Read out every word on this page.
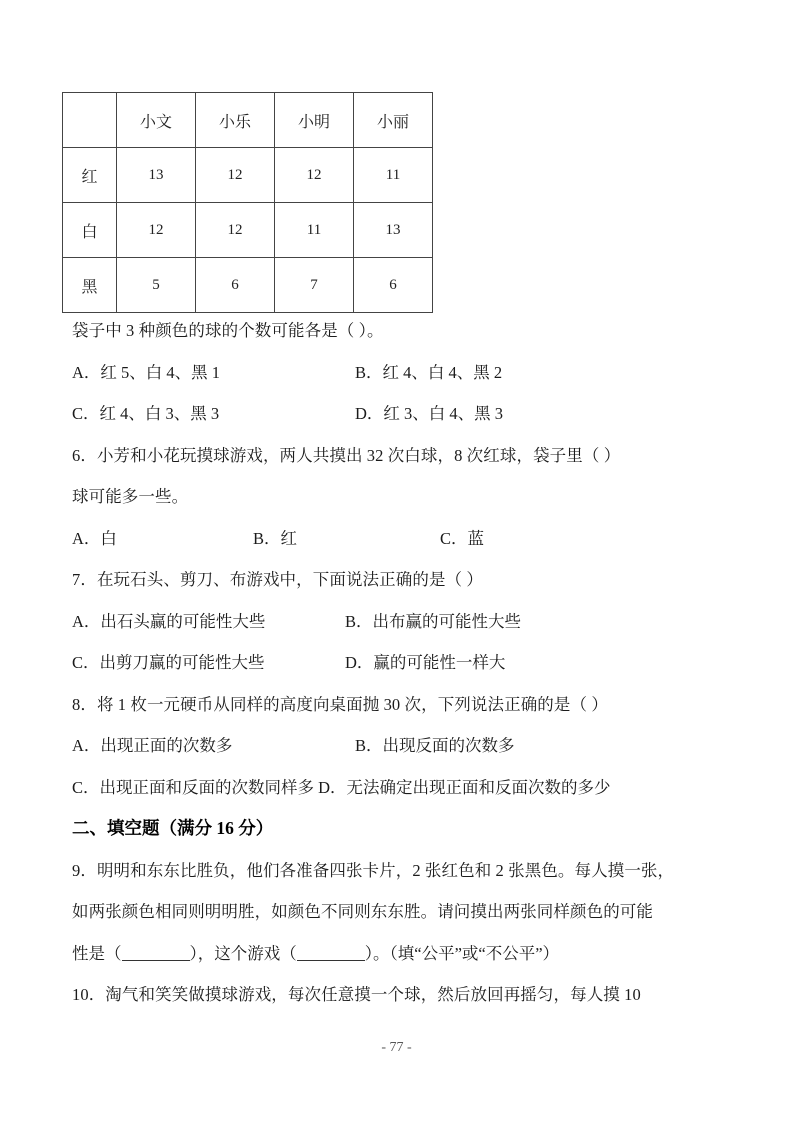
	小文	小乐	小明	小丽
红	13	12	12	11
白	12	12	11	13
黑	5	6	7	6
袋子中 3 种颜色的球的个数可能各是（ ）。
A．红 5、白 4、黑 1	B．红 4、白 4、黑 2
C．红 4、白 3、黑 3	D．红 3、白 4、黑 3
6．小芳和小花玩摸球游戏，两人共摸出 32 次白球，8 次红球，袋子里（ ）
球可能多一些。
A．白	B．红	C．蓝
7．在玩石头、剪刀、布游戏中，下面说法正确的是（ ）
A．出石头赢的可能性大些	B．出布赢的可能性大些
C．出剪刀赢的可能性大些	D．赢的可能性一样大
8．将 1 枚一元硬币从同样的高度向桌面抛 30 次，下列说法正确的是（ ）
A．出现正面的次数多	B．出现反面的次数多
C．出现正面和反面的次数同样多 D．无法确定出现正面和反面次数的多少
二、填空题（满分 16 分）
9．明明和东东比胜负，他们各准备四张卡片，2 张红色和 2 张黑色。每人摸一张，
如两张颜色相同则明明胜，如颜色不同则东东胜。请问摸出两张同样颜色的可能
性是（	），这个游戏（	）。（填“公平”或“不公平”）
10．淘气和笑笑做摸球游戏，每次任意摸一个球，然后放回再摇匀，每人摸 10
- 77 -
